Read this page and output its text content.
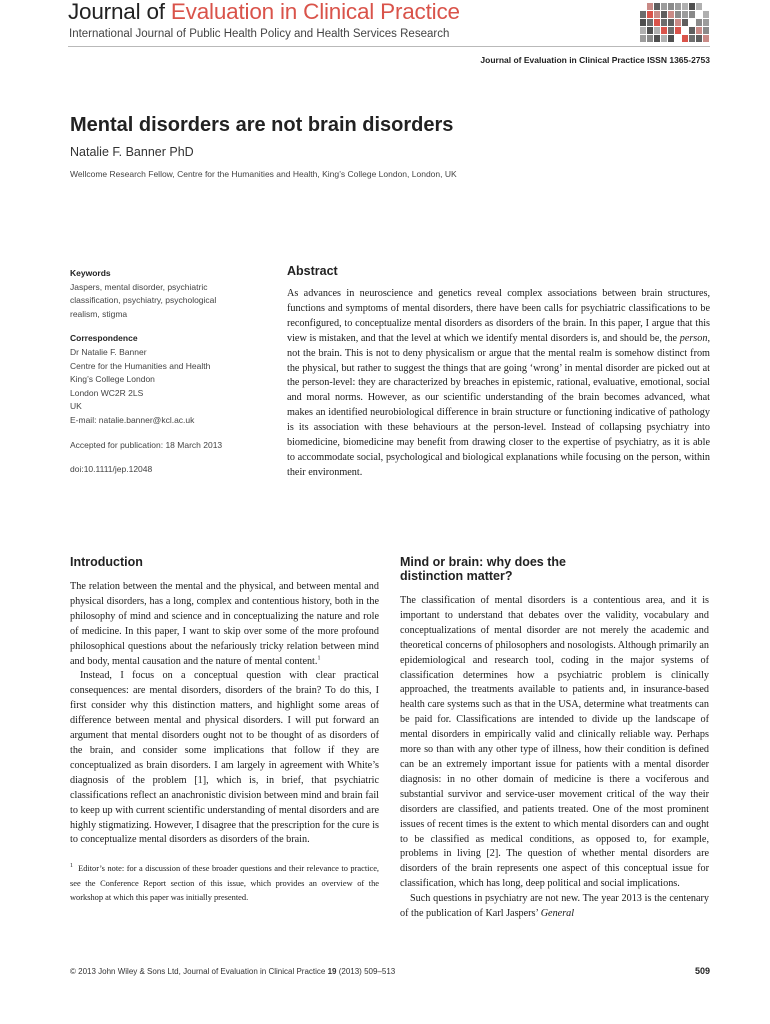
Journal of Evaluation in Clinical Practice
International Journal of Public Health Policy and Health Services Research
Journal of Evaluation in Clinical Practice ISSN 1365-2753
Mental disorders are not brain disorders
Natalie F. Banner PhD
Wellcome Research Fellow, Centre for the Humanities and Health, King’s College London, London, UK
Keywords
Jaspers, mental disorder, psychiatric
classification, psychiatry, psychological
realism, stigma
Correspondence
Dr Natalie F. Banner
Centre for the Humanities and Health
King’s College London
London WC2R 2LS
UK
E-mail: natalie.banner@kcl.ac.uk
Accepted for publication: 18 March 2013
doi:10.1111/jep.12048
Abstract

As advances in neuroscience and genetics reveal complex associations between brain structures, functions and symptoms of mental disorders, there have been calls for psychiatric classifications to be reconfigured, to conceptualize mental disorders as disorders of the brain. In this paper, I argue that this view is mistaken, and that the level at which we identify mental disorders is, and should be, the person, not the brain. This is not to deny physicalism or argue that the mental realm is somehow distinct from the physical, but rather to suggest the things that are going ‘wrong’ in mental disorder are picked out at the person-level: they are characterized by breaches in epistemic, rational, evaluative, emotional, social and moral norms. However, as our scientific understanding of the brain becomes advanced, what makes an identified neurobiological difference in brain structure or functioning indicative of pathology is its association with these behaviours at the person-level. Instead of collapsing psychiatry into biomedicine, biomedicine may benefit from drawing closer to the expertise of psychiatry, as it is able to accommodate social, psychological and biological explanations while focusing on the person, within their environment.

Introduction

The relation between the mental and the physical, and between mental and physical disorders, has a long, complex and contentious history, both in the philosophy of mind and science and in conceptualizing the nature and role of medicine. In this paper, I want to skip over some of the more profound philosophical questions about the nefariously tricky relation between mind and body, mental causation and the nature of mental content.$^1$

Instead, I focus on a conceptual question with clear practical consequences: are mental disorders, disorders of the brain? To do this, I first consider why this distinction matters, and highlight some areas of difference between mental and physical disorders. I will put forward an argument that mental disorders ought not to be thought of as disorders of the brain, and consider some implications that follow if they are conceptualized as brain disorders. I am largely in agreement with White’s diagnosis of the problem [1], which is, in brief, that psychiatric classifications reflect an anachronistic division between mind and brain fail to keep up with current scientific understanding of mental disorders and are highly stigmatizing. However, I disagree that the prescription for the cure is to conceptualize mental disorders as disorders of the brain.

$^1$ Editor’s note: for a discussion of these broader questions and their relevance to practice, see the Conference Report section of this issue, which provides an overview of the workshop at which this paper was initially presented.

Mind or brain: why does the
distinction matter?

The classification of mental disorders is a contentious area, and it is important to understand that debates over the validity, vocabulary and conceptualizations of mental disorder are not merely the academic and theoretical concerns of philosophers and nosologists. Although primarily an epidemiological and research tool, coding in the major systems of classification determines how a psychiatric problem is clinically approached, the treatments available to patients and, in insurance-based health care systems such as that in the USA, determine what treatments can be paid for. Classifications are intended to divide up the landscape of mental disorders in empirically valid and clinically reliable way. Perhaps more so than with any other type of illness, how their condition is defined can be an extremely important issue for patients with a mental disorder diagnosis: in no other domain of medicine is there a vociferous and substantial survivor and service-user movement critical of the way their disorders are classified, and patients treated. One of the most prominent issues of recent times is the extent to which mental disorders can and ought to be classified as medical conditions, as opposed to, for example, problems in living [2]. The question of whether mental disorders are disorders of the brain represents one aspect of this conceptual issue for classification, which has long, deep political and social implications.

Such questions in psychiatry are not new. The year 2013 is the centenary of the publication of Karl Jaspers’ General

© 2013 John Wiley & Sons Ltd, Journal of Evaluation in Clinical Practice 19 (2013) 509–513	509
